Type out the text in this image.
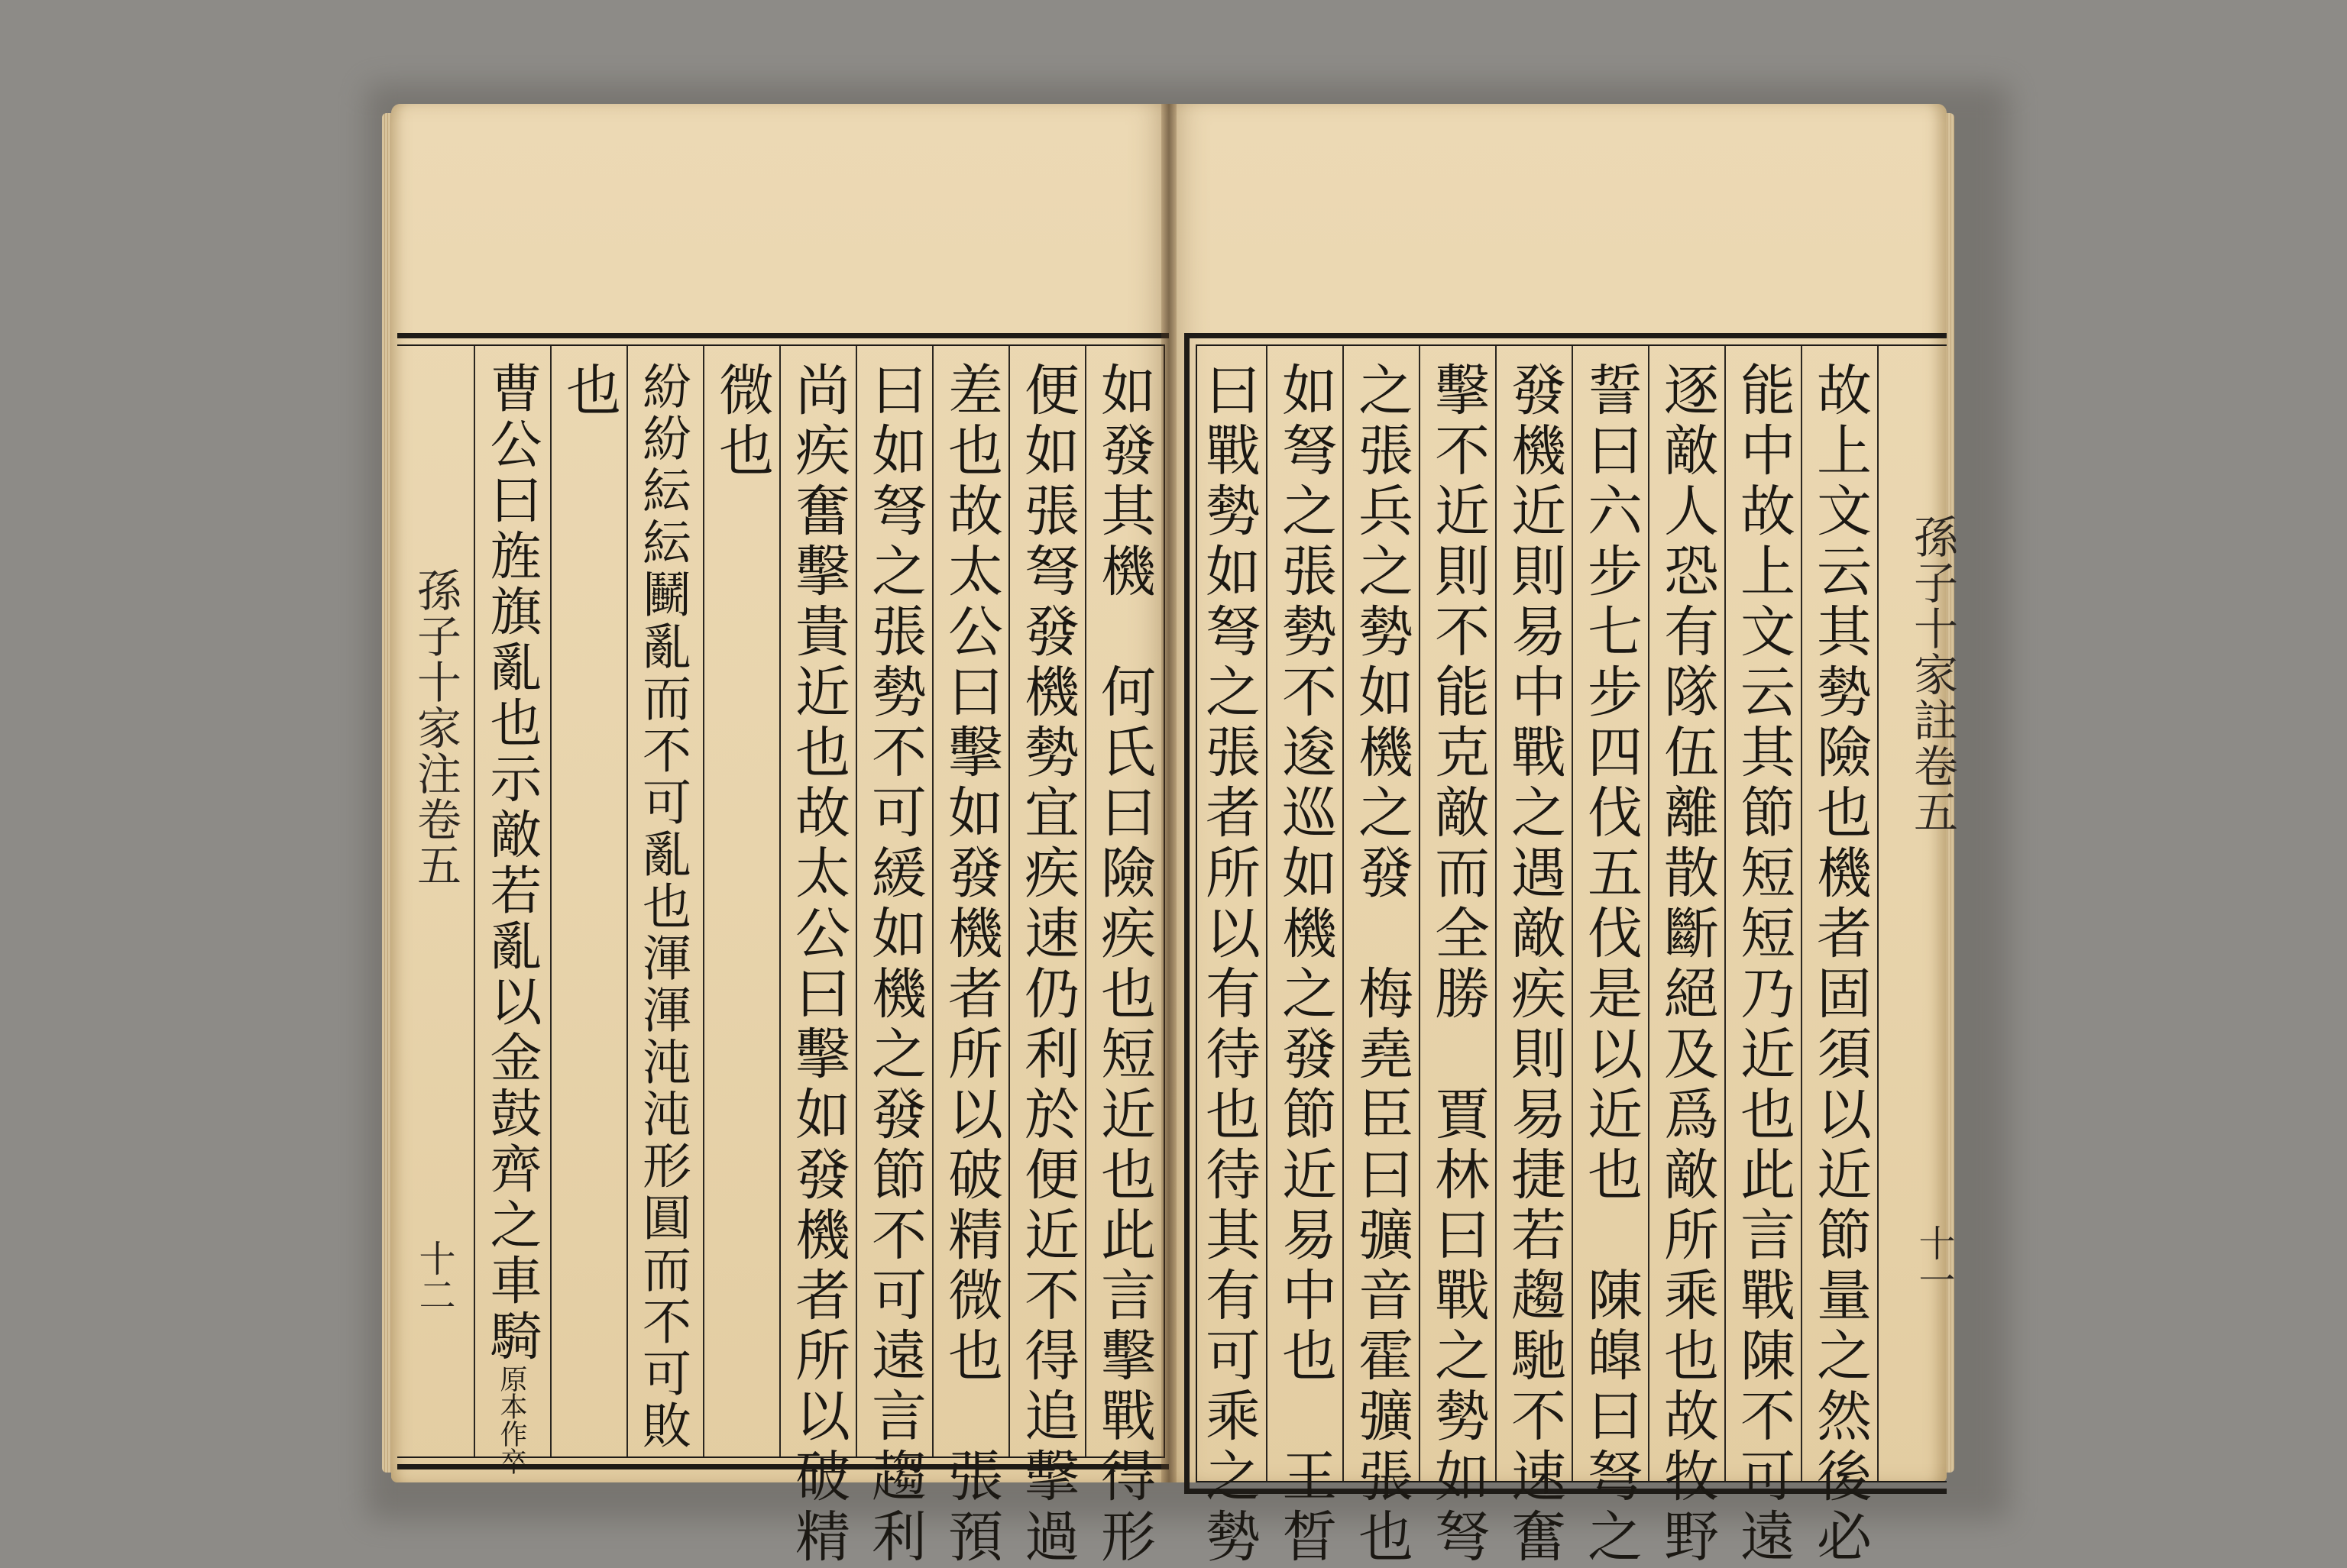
如發其機　何氏曰險疾也短近也此言擊戰得形
便如張弩發機勢宜疾速仍利於便近不得追擊過
差也故太公曰擊如發機者所以破精微也　張預
曰如弩之張勢不可緩如機之發節不可遠言趨利
尚疾奮擊貴近也故太公曰擊如發機者所以破精
微也
紛紛紜紜鬭亂而不可亂也渾渾沌沌形圓而不可敗
也
曹公曰旌旗亂也示敵若亂以金鼓齊之車騎原本作卒
孫子十家注卷五
十二	故上文云其勢險也機者固須以近節量之然後必
能中故上文云其節短短乃近也此言戰陳不可遠
逐敵人恐有隊伍離散斷絕及爲敵所乘也故牧野
誓曰六步七步四伐五伐是以近也　陳皥曰弩之
發機近則易中戰之遇敵疾則易捷若趨馳不速奮
擊不近則不能克敵而全勝　賈林曰戰之勢如弩
之張兵之勢如機之發　梅堯臣曰彍音霍彍張也
如弩之張勢不逡巡如機之發節近易中也　王晳
曰戰勢如弩之張者所以有待也待其有可乘之勢	孫子十家註卷五
十一
